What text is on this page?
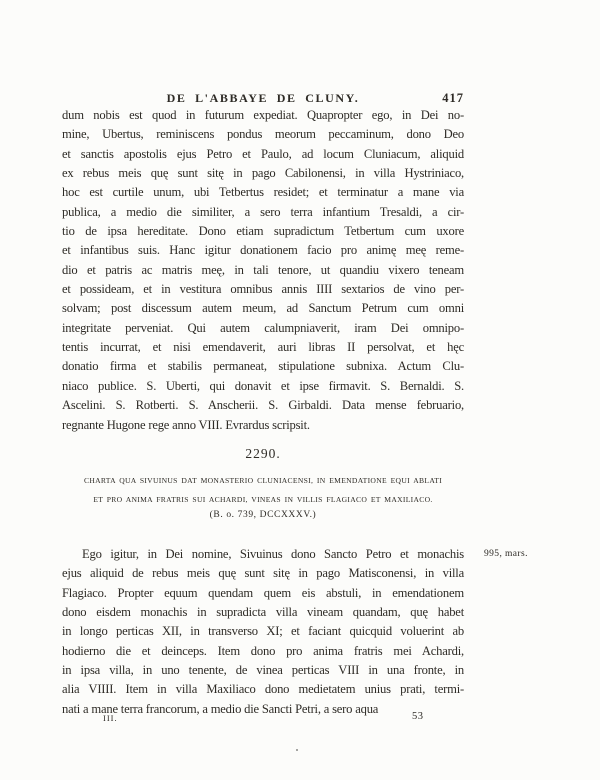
DE L'ABBAYE DE CLUNY.	417
dum nobis est quod in futurum expediat. Quapropter ego, in Dei no-
mine, Ubertus, reminiscens pondus meorum peccaminum, dono Deo
et sanctis apostolis ejus Petro et Paulo, ad locum Cluniacum, aliquid
ex rebus meis quę sunt sitę in pago Cabilonensi, in villa Hystriniaco,
hoc est curtile unum, ubi Tetbertus residet; et terminatur a mane via
publica, a medio die similiter, a sero terra infantium Tresaldi, a cir-
tio de ipsa hereditate. Dono etiam supradictum Tetbertum cum uxore
et infantibus suis. Hanc igitur donationem facio pro animę meę reme-
dio et patris ac matris meę, in tali tenore, ut quandiu vixero teneam
et possideam, et in vestitura omnibus annis IIII sextarios de vino per-
solvam; post discessum autem meum, ad Sanctum Petrum cum omni
integritate perveniat. Qui autem calumpniaverit, iram Dei omnipo-
tentis incurrat, et nisi emendaverit, auri libras II persolvat, et hęc
donatio firma et stabilis permaneat, stipulatione subnixa. Actum Clu-
niaco publice. S. Uberti, qui donavit et ipse firmavit. S. Bernaldi. S.
Ascelini. S. Rotberti. S. Anscherii. S. Girbaldi. Data mense februario,
regnante Hugone rege anno VIII. Evrardus scripsit.
2290.
CHARTA QUA SIVUINUS DAT MONASTERIO CLUNIACENSI, IN EMENDATIONE EQUI ABLATI
ET PRO ANIMA FRATRIS SUI ACHARDI, VINEAS IN VILLIS FLAGIACO ET MAXILIACO.
(B. o. 739, DCCXXXV.)
Ego igitur, in Dei nomine, Sivuinus dono Sancto Petro et monachis
ejus aliquid de rebus meis quę sunt sitę in pago Matisconensi, in villa
Flagiaco. Propter equum quendam quem eis abstuli, in emendationem
dono eisdem monachis in supradicta villa vineam quandam, quę habet
in longo perticas XII, in transverso XI; et faciant quicquid voluerint ab
hodierno die et deinceps. Item dono pro anima fratris mei Achardi,
in ipsa villa, in uno tenente, de vinea perticas VIII in una fronte, in
alia VIIII. Item in villa Maxiliaco dono medietatem unius prati, termi-
nati a mane terra francorum, a medio die Sancti Petri, a sero aqua
995, mars.
III.	53
